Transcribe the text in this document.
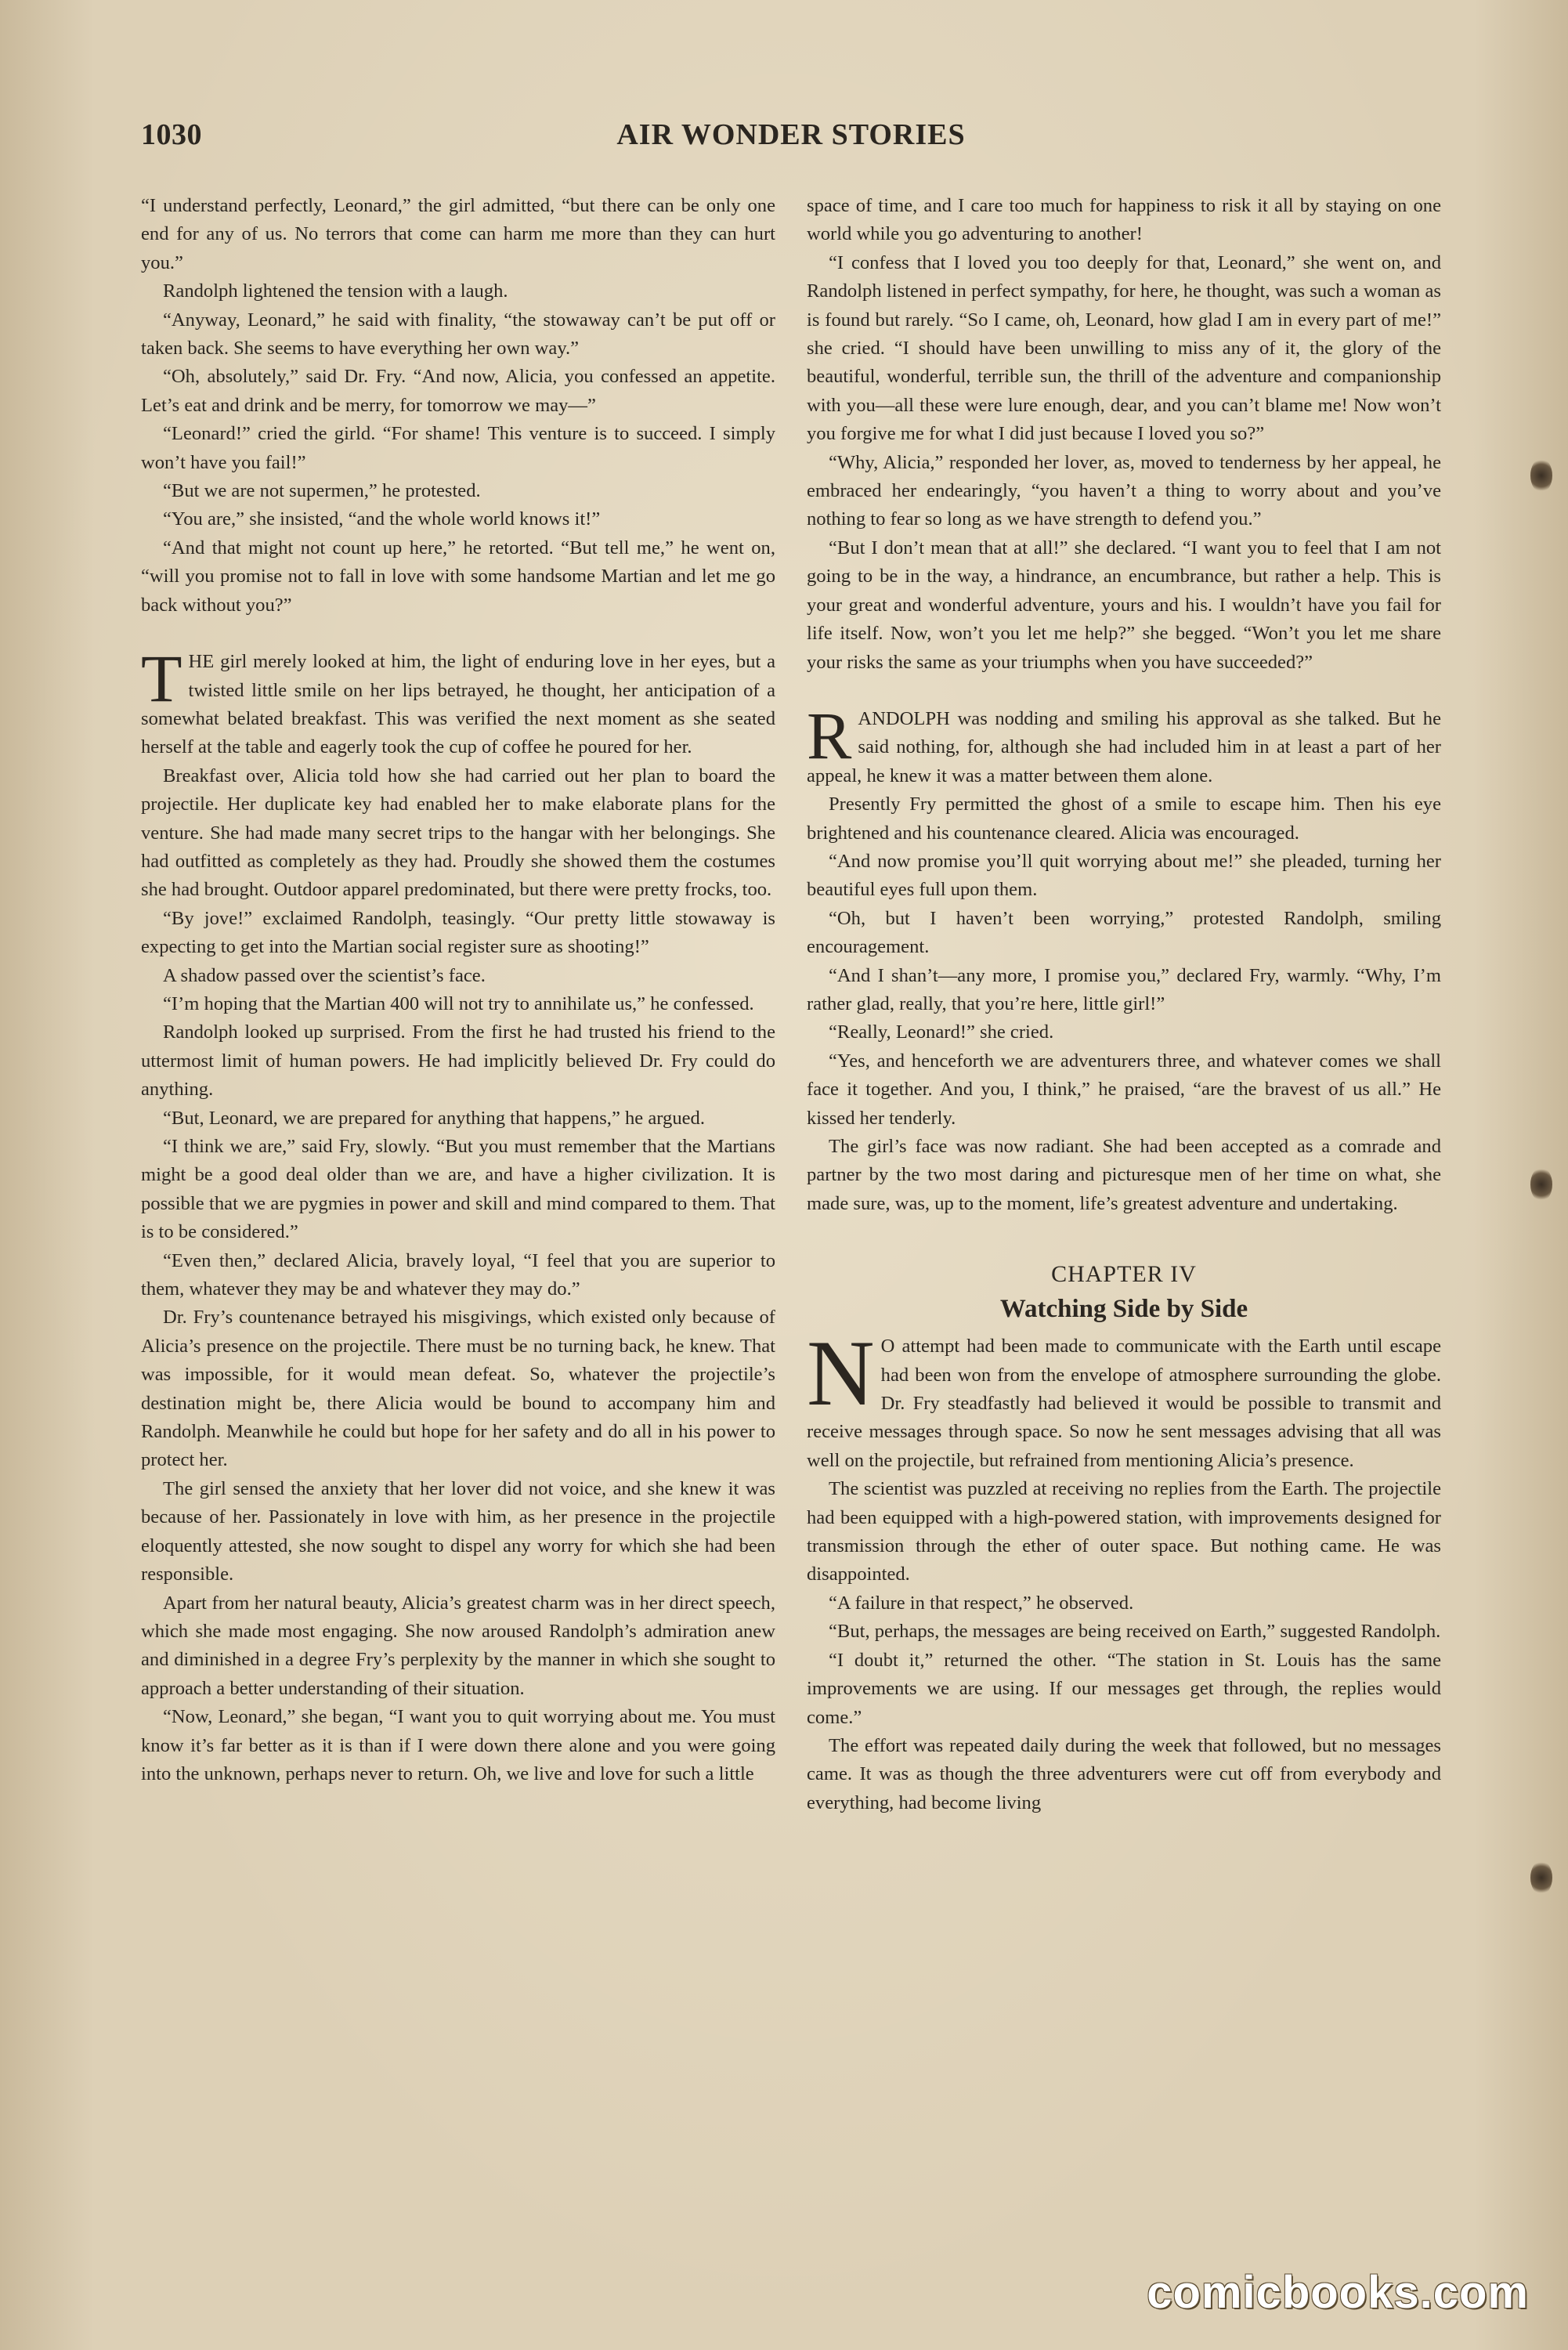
1030	AIR WONDER STORIES

“I understand perfectly, Leonard,” the girl admitted, “but there can be only one end for any of us. No terrors that come can harm me more than they can hurt you.”

Randolph lightened the tension with a laugh.

“Anyway, Leonard,” he said with finality, “the stowaway can’t be put off or taken back. She seems to have everything her own way.”

“Oh, absolutely,” said Dr. Fry. “And now, Alicia, you confessed an appetite. Let’s eat and drink and be merry, for tomorrow we may—”

“Leonard!” cried the girld. “For shame! This venture is to succeed. I simply won’t have you fail!”

“But we are not supermen,” he protested.

“You are,” she insisted, “and the whole world knows it!”

“And that might not count up here,” he retorted. “But tell me,” he went on, “will you promise not to fall in love with some handsome Martian and let me go back without you?”

THE girl merely looked at him, the light of enduring love in her eyes, but a twisted little smile on her lips betrayed, he thought, her anticipation of a somewhat belated breakfast. This was verified the next moment as she seated herself at the table and eagerly took the cup of coffee he poured for her.

Breakfast over, Alicia told how she had carried out her plan to board the projectile. Her duplicate key had enabled her to make elaborate plans for the venture. She had made many secret trips to the hangar with her belongings. She had outfitted as completely as they had. Proudly she showed them the costumes she had brought. Outdoor apparel predominated, but there were pretty frocks, too.

“By jove!” exclaimed Randolph, teasingly. “Our pretty little stowaway is expecting to get into the Martian social register sure as shooting!”

A shadow passed over the scientist’s face.

“I’m hoping that the Martian 400 will not try to annihilate us,” he confessed.

Randolph looked up surprised. From the first he had trusted his friend to the uttermost limit of human powers. He had implicitly believed Dr. Fry could do anything.

“But, Leonard, we are prepared for anything that happens,” he argued.

“I think we are,” said Fry, slowly. “But you must remember that the Martians might be a good deal older than we are, and have a higher civilization. It is possible that we are pygmies in power and skill and mind compared to them. That is to be considered.”

“Even then,” declared Alicia, bravely loyal, “I feel that you are superior to them, whatever they may be and whatever they may do.”

Dr. Fry’s countenance betrayed his misgivings, which existed only because of Alicia’s presence on the projectile. There must be no turning back, he knew. That was impossible, for it would mean defeat. So, whatever the projectile’s destination might be, there Alicia would be bound to accompany him and Randolph. Meanwhile he could but hope for her safety and do all in his power to protect her.

The girl sensed the anxiety that her lover did not voice, and she knew it was because of her. Passionately in love with him, as her presence in the projectile eloquently attested, she now sought to dispel any worry for which she had been responsible.

Apart from her natural beauty, Alicia’s greatest charm was in her direct speech, which she made most engaging. She now aroused Randolph’s admiration anew and diminished in a degree Fry’s perplexity by the manner in which she sought to approach a better understanding of their situation.

“Now, Leonard,” she began, “I want you to quit worrying about me. You must know it’s far better as it is than if I were down there alone and you were going into the unknown, perhaps never to return. Oh, we live and love for such a little

space of time, and I care too much for happiness to risk it all by staying on one world while you go adventuring to another!

“I confess that I loved you too deeply for that, Leonard,” she went on, and Randolph listened in perfect sympathy, for here, he thought, was such a woman as is found but rarely. “So I came, oh, Leonard, how glad I am in every part of me!” she cried. “I should have been unwilling to miss any of it, the glory of the beautiful, wonderful, terrible sun, the thrill of the adventure and companionship with you—all these were lure enough, dear, and you can’t blame me! Now won’t you forgive me for what I did just because I loved you so?”

“Why, Alicia,” responded her lover, as, moved to tenderness by her appeal, he embraced her endearingly, “you haven’t a thing to worry about and you’ve nothing to fear so long as we have strength to defend you.”

“But I don’t mean that at all!” she declared. “I want you to feel that I am not going to be in the way, a hindrance, an encumbrance, but rather a help. This is your great and wonderful adventure, yours and his. I wouldn’t have you fail for life itself. Now, won’t you let me help?” she begged. “Won’t you let me share your risks the same as your triumphs when you have succeeded?”

RANDOLPH was nodding and smiling his approval as she talked. But he said nothing, for, although she had included him in at least a part of her appeal, he knew it was a matter between them alone.

Presently Fry permitted the ghost of a smile to escape him. Then his eye brightened and his countenance cleared. Alicia was encouraged.

“And now promise you’ll quit worrying about me!” she pleaded, turning her beautiful eyes full upon them.

“Oh, but I haven’t been worrying,” protested Randolph, smiling encouragement.

“And I shan’t—any more, I promise you,” declared Fry, warmly. “Why, I’m rather glad, really, that you’re here, little girl!”

“Really, Leonard!” she cried.

“Yes, and henceforth we are adventurers three, and whatever comes we shall face it together. And you, I think,” he praised, “are the bravest of us all.” He kissed her tenderly.

The girl’s face was now radiant. She had been accepted as a comrade and partner by the two most daring and picturesque men of her time on what, she made sure, was, up to the moment, life’s greatest adventure and undertaking.

CHAPTER IV
Watching Side by Side

N O attempt had been made to communicate with the Earth until escape had been won from the envelope of atmosphere surrounding the globe. Dr. Fry steadfastly had believed it would be possible to transmit and receive messages through space. So now he sent messages advising that all was well on the projectile, but refrained from mentioning Alicia’s presence.

The scientist was puzzled at receiving no replies from the Earth. The projectile had been equipped with a high-powered station, with improvements designed for transmission through the ether of outer space. But nothing came. He was disappointed.

“A failure in that respect,” he observed.

“But, perhaps, the messages are being received on Earth,” suggested Randolph.

“I doubt it,” returned the other. “The station in St. Louis has the same improvements we are using. If our messages get through, the replies would come.”

The effort was repeated daily during the week that followed, but no messages came. It was as though the three adventurers were cut off from everybody and everything, had become living

comicbooks.com
